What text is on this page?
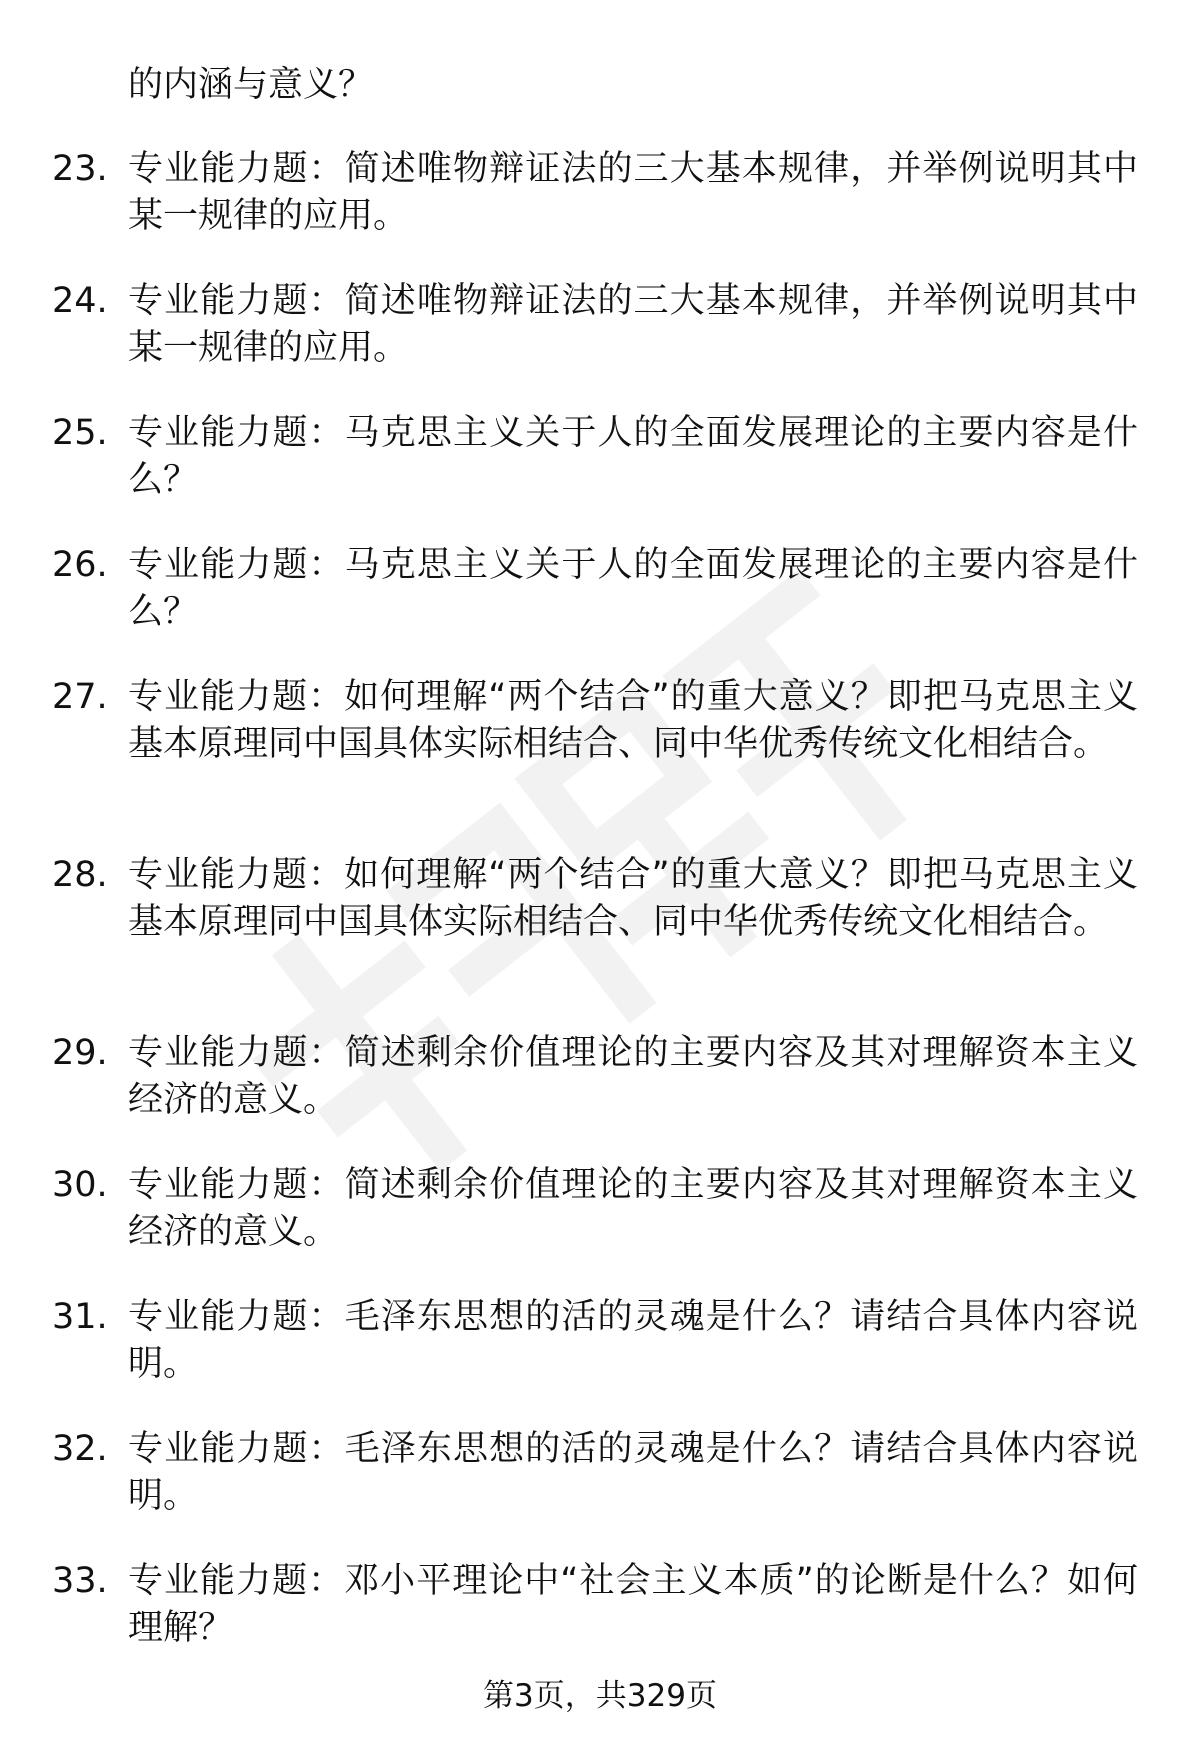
的内涵与意义？
23. 专业能力题：简述唯物辩证法的三大基本规律，并举例说明其中某一规律的应用。
24. 专业能力题：简述唯物辩证法的三大基本规律，并举例说明其中某一规律的应用。
25. 专业能力题：马克思主义关于人的全面发展理论的主要内容是什么？
26. 专业能力题：马克思主义关于人的全面发展理论的主要内容是什么？
27. 专业能力题：如何理解“两个结合”的重大意义？即把马克思主义基本原理同中国具体实际相结合、同中华优秀传统文化相结合。
28. 专业能力题：如何理解“两个结合”的重大意义？即把马克思主义基本原理同中国具体实际相结合、同中华优秀传统文化相结合。
29. 专业能力题：简述剩余价值理论的主要内容及其对理解资本主义经济的意义。
30. 专业能力题：简述剩余价值理论的主要内容及其对理解资本主义经济的意义。
31. 专业能力题：毛泽东思想的活的灵魂是什么？请结合具体内容说明。
32. 专业能力题：毛泽东思想的活的灵魂是什么？请结合具体内容说明。
33. 专业能力题：邓小平理论中“社会主义本质”的论断是什么？如何理解？
第3页，共329页
